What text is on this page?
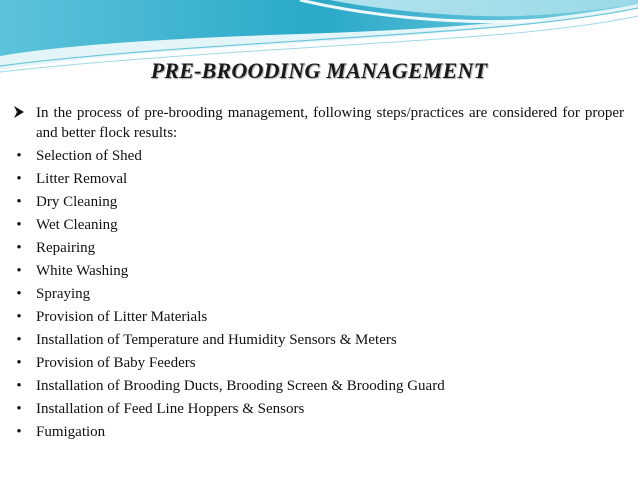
PRE-BROODING MANAGEMENT
In the process of pre-brooding management, following steps/practices are considered for proper and better flock results:
• Selection of Shed
• Litter Removal
• Dry Cleaning
• Wet Cleaning
• Repairing
• White Washing
• Spraying
• Provision of Litter Materials
• Installation of Temperature and Humidity Sensors & Meters
• Provision of Baby Feeders
• Installation of Brooding Ducts, Brooding Screen & Brooding Guard
• Installation of Feed Line Hoppers & Sensors
• Fumigation
